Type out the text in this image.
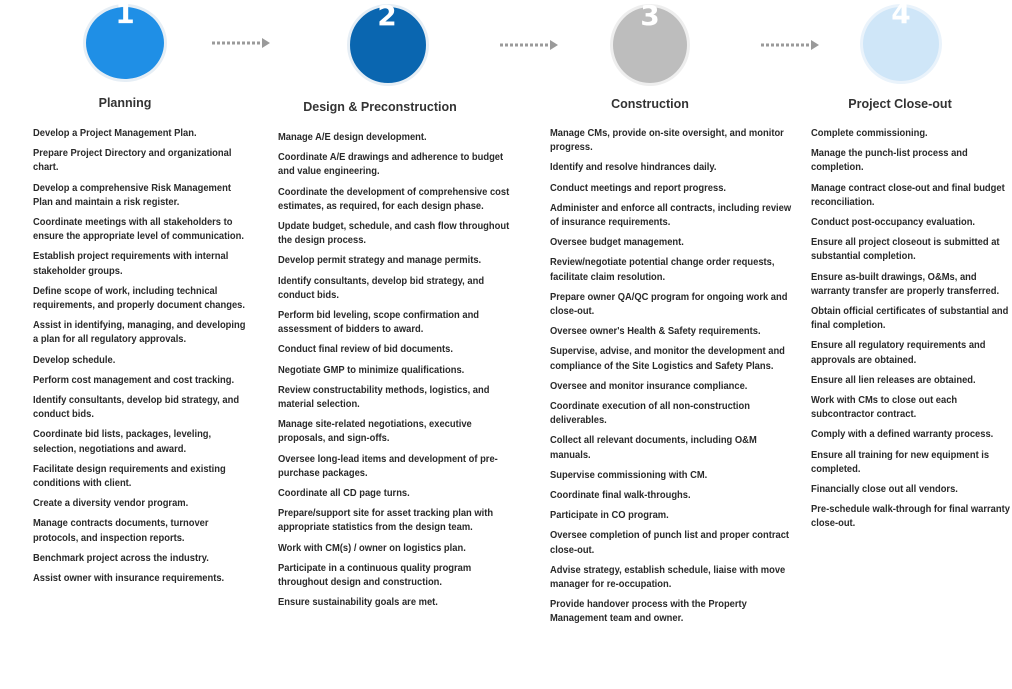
1	2	3	4
Planning	Design & Preconstruction	Construction	Project Close-out
Develop a Project Management Plan.
Prepare Project Directory and organizational chart.
Develop a comprehensive Risk Management Plan and maintain a risk register.
Coordinate meetings with all stakeholders to ensure the appropriate level of communication.
Establish project requirements with internal stakeholder groups.
Define scope of work, including technical requirements, and properly document changes.
Assist in identifying, managing, and developing a plan for all regulatory approvals.
Develop schedule.
Perform cost management and cost tracking.
Identify consultants, develop bid strategy, and conduct bids.
Coordinate bid lists, packages, leveling, selection, negotiations and award.
Facilitate design requirements and existing conditions with client.
Create a diversity vendor program.
Manage contracts documents, turnover protocols, and inspection reports.
Benchmark project across the industry.
Assist owner with insurance requirements.
Manage A/E design development.
Coordinate A/E drawings and adherence to budget and value engineering.
Coordinate the development of comprehensive cost estimates, as required, for each design phase.
Update budget, schedule, and cash flow throughout the design process.
Develop permit strategy and manage permits.
Identify consultants, develop bid strategy, and conduct bids.
Perform bid leveling, scope confirmation and assessment of bidders to award.
Conduct final review of bid documents.
Negotiate GMP to minimize qualifications.
Review constructability methods, logistics, and material selection.
Manage site-related negotiations, executive proposals, and sign-offs.
Oversee long-lead items and development of pre-purchase packages.
Coordinate all CD page turns.
Prepare/support site for asset tracking plan with appropriate statistics from the design team.
Work with CM(s) / owner on logistics plan.
Participate in a continuous quality program throughout design and construction.
Ensure sustainability goals are met.
Manage CMs, provide on-site oversight, and monitor progress.
Identify and resolve hindrances daily.
Conduct meetings and report progress.
Administer and enforce all contracts, including review of insurance requirements.
Oversee budget management.
Review/negotiate potential change order requests, facilitate claim resolution.
Prepare owner QA/QC program for ongoing work and close-out.
Oversee owner's Health & Safety requirements.
Supervise, advise, and monitor the development and compliance of the Site Logistics and Safety Plans.
Oversee and monitor insurance compliance.
Coordinate execution of all non-construction deliverables.
Collect all relevant documents, including O&M manuals.
Supervise commissioning with CM.
Coordinate final walk-throughs.
Participate in CO program.
Oversee completion of punch list and proper contract close-out.
Advise strategy, establish schedule, liaise with move manager for re-occupation.
Provide handover process with the Property Management team and owner.
Complete commissioning.
Manage the punch-list process and completion.
Manage contract close-out and final budget reconciliation.
Conduct post-occupancy evaluation.
Ensure all project closeout is submitted at substantial completion.
Ensure as-built drawings, O&Ms, and warranty transfer are properly transferred.
Obtain official certificates of substantial and final completion.
Ensure all regulatory requirements and approvals are obtained.
Ensure all lien releases are obtained.
Work with CMs to close out each subcontractor contract.
Comply with a defined warranty process.
Ensure all training for new equipment is completed.
Financially close out all vendors.
Pre-schedule walk-through for final warranty close-out.
